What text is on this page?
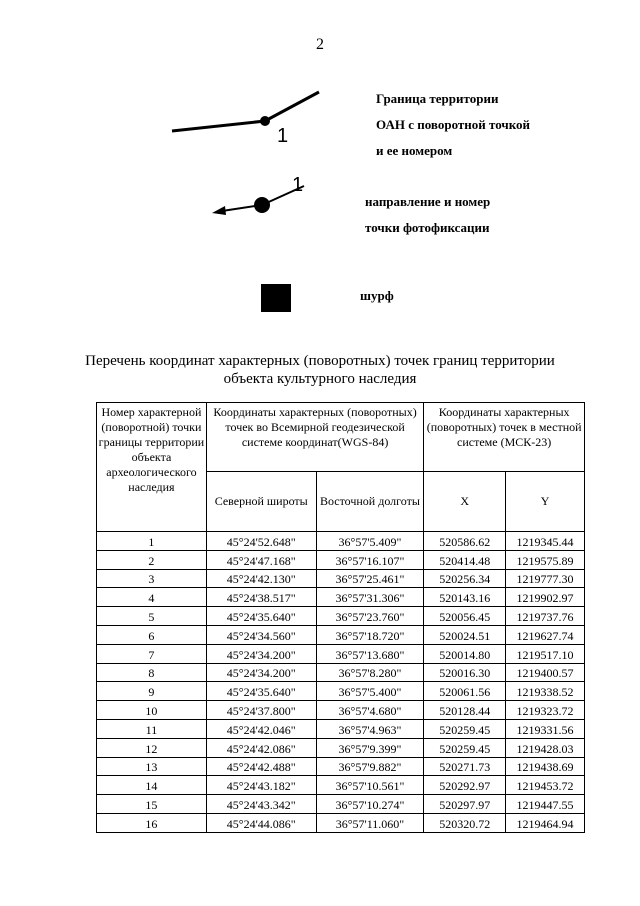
2
1
1
Граница территории
ОАН с поворотной точкой
и ее номером
направление и номер
точки фотофиксации
шурф
Перечень координат характерных (поворотных) точек границ территории
объекта культурного наследия
Номер характерной (поворотной) точки границы территории объекта археологического наследия	Координаты характерных (поворотных) точек во Всемирной геодезической системе координат(WGS-84)		Координаты характерных (поворотных) точек в местной системе (МСК-23)	
	Северной широты	Восточной долготы	X	Y
1	45°24'52.648"	36°57'5.409"	520586.62	1219345.44
2	45°24'47.168"	36°57'16.107"	520414.48	1219575.89
3	45°24'42.130"	36°57'25.461"	520256.34	1219777.30
4	45°24'38.517"	36°57'31.306"	520143.16	1219902.97
5	45°24'35.640"	36°57'23.760"	520056.45	1219737.76
6	45°24'34.560"	36°57'18.720"	520024.51	1219627.74
7	45°24'34.200"	36°57'13.680"	520014.80	1219517.10
8	45°24'34.200"	36°57'8.280"	520016.30	1219400.57
9	45°24'35.640"	36°57'5.400"	520061.56	1219338.52
10	45°24'37.800"	36°57'4.680"	520128.44	1219323.72
11	45°24'42.046"	36°57'4.963"	520259.45	1219331.56
12	45°24'42.086"	36°57'9.399"	520259.45	1219428.03
13	45°24'42.488"	36°57'9.882"	520271.73	1219438.69
14	45°24'43.182"	36°57'10.561"	520292.97	1219453.72
15	45°24'43.342"	36°57'10.274"	520297.97	1219447.55
16	45°24'44.086"	36°57'11.060"	520320.72	1219464.94
